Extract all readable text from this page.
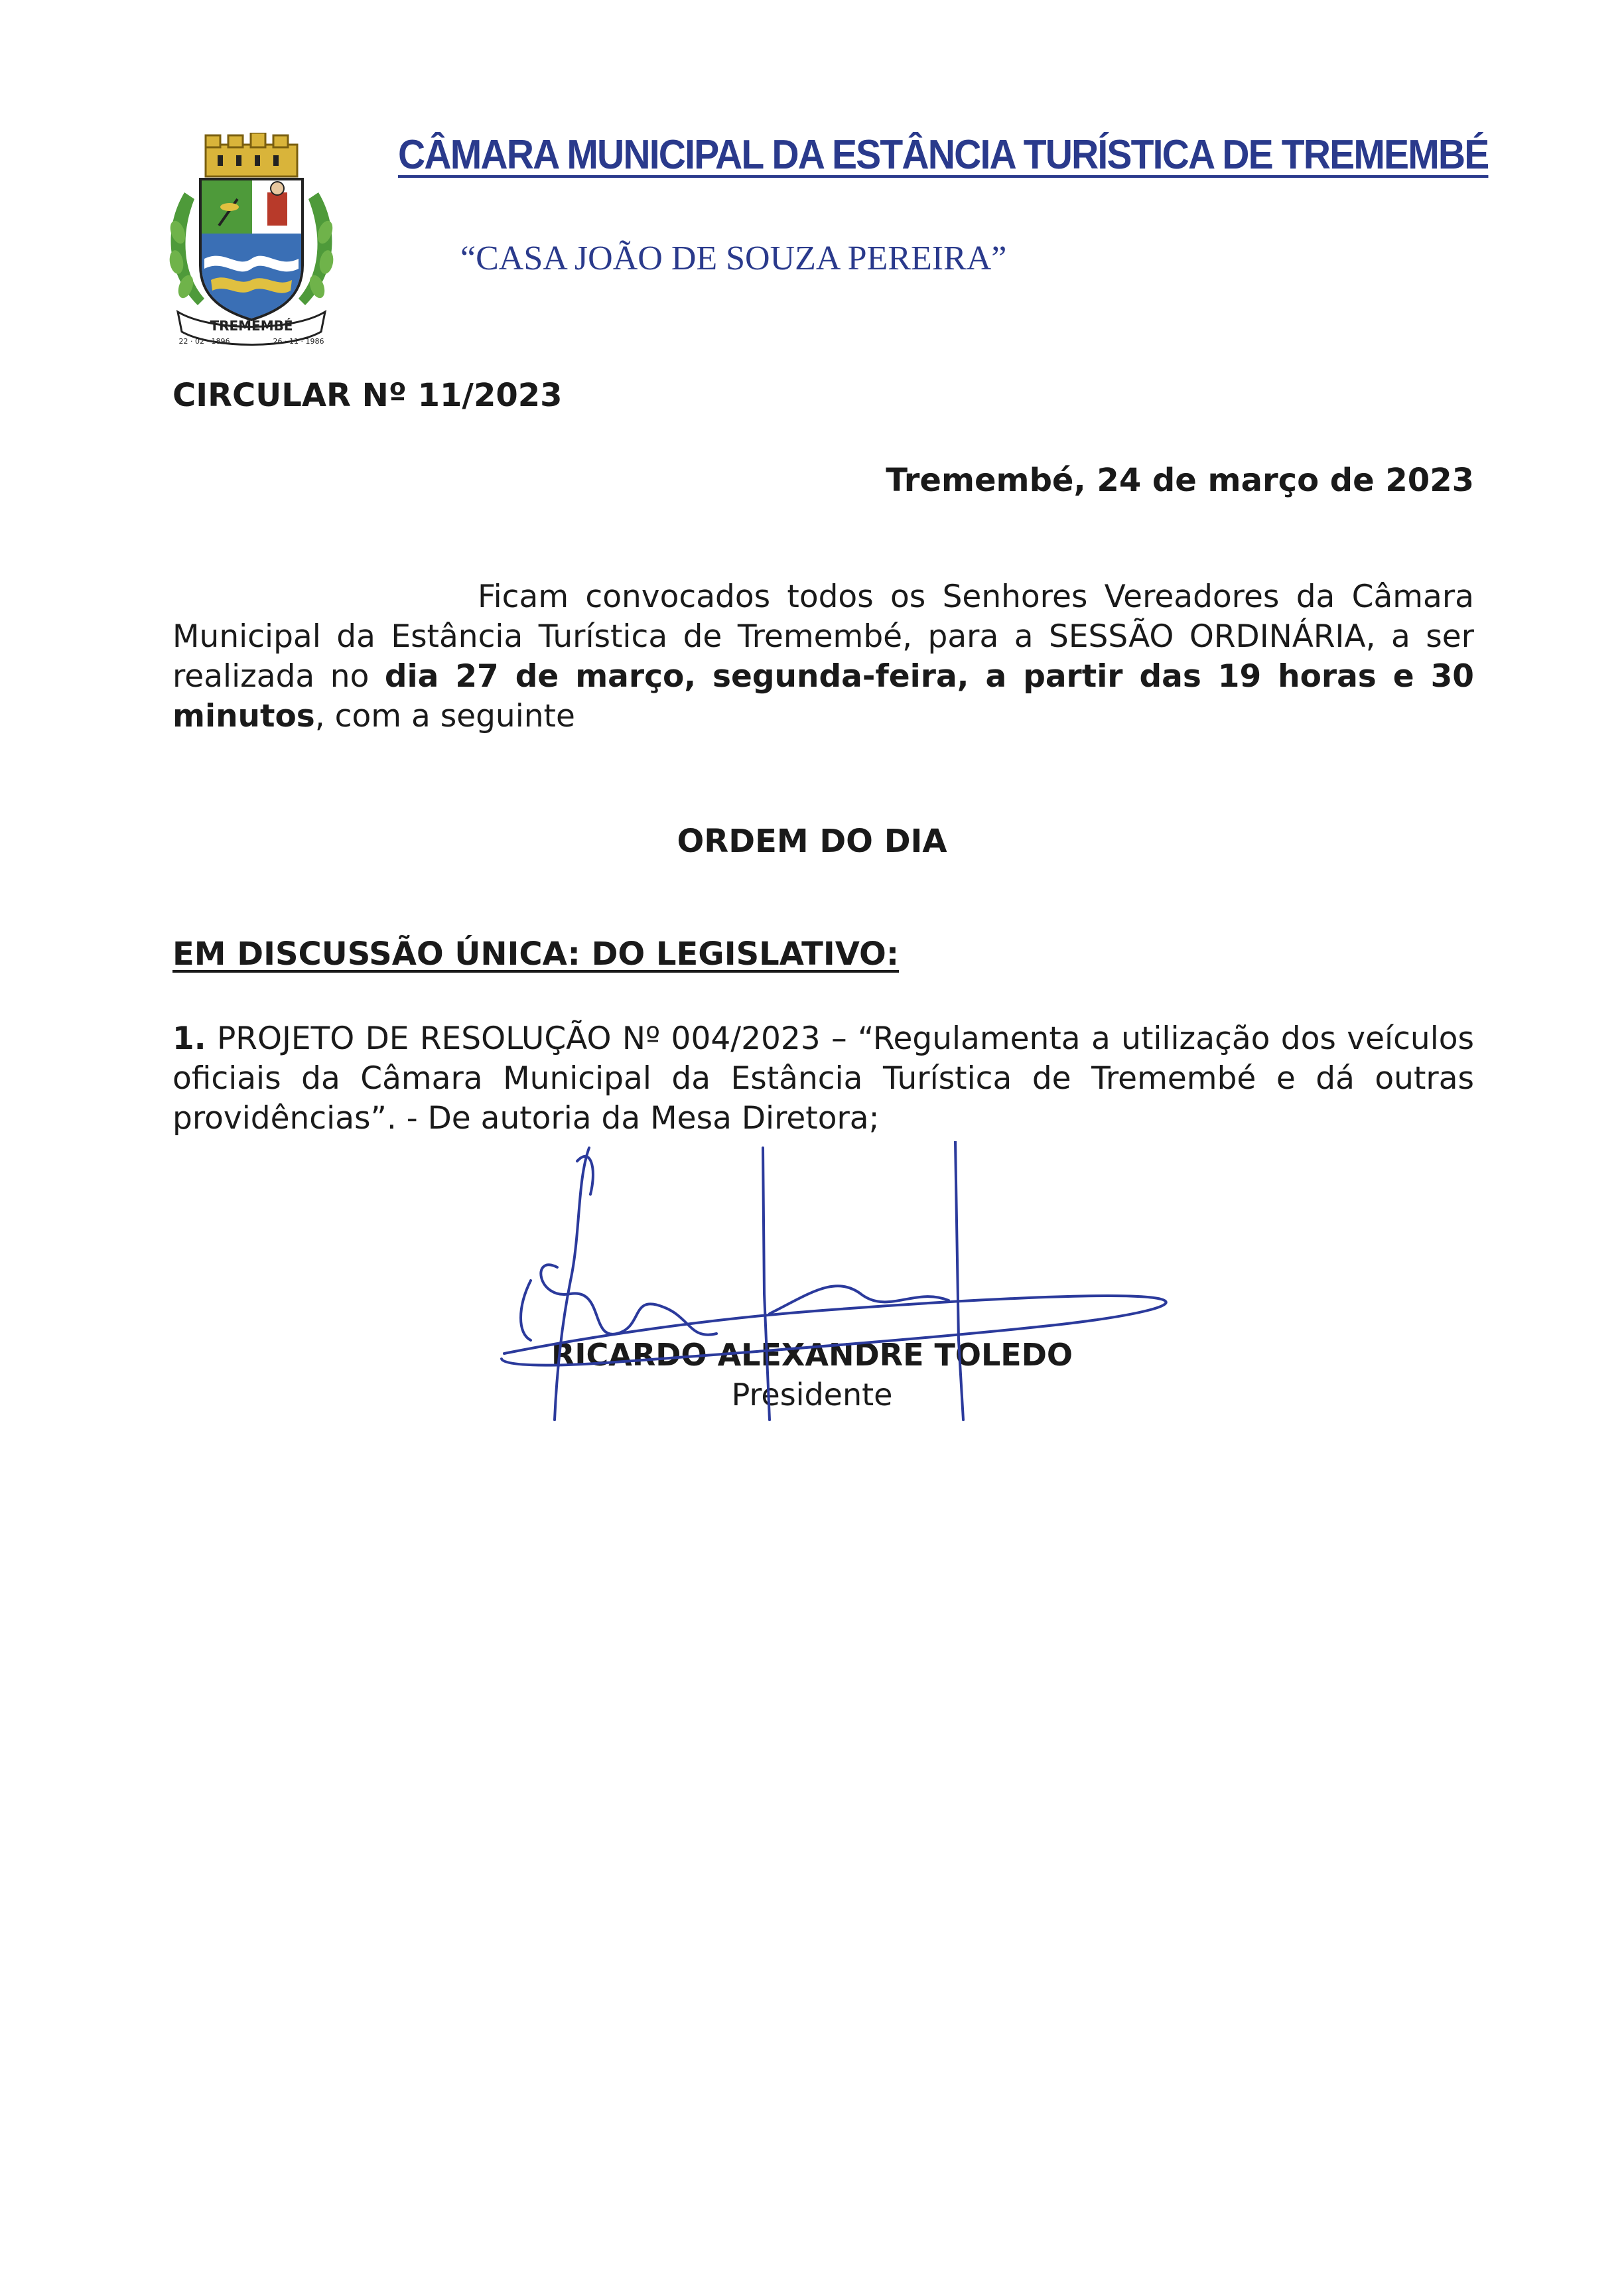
TREMEMBÉ
22 · 02 · 1896	26 · 11 · 1986
CÂMARA MUNICIPAL DA ESTÂNCIA TURÍSTICA DE TREMEMBÉ
“CASA JOÃO DE SOUZA PEREIRA”
CIRCULAR Nº 11/2023
Tremembé, 24 de março de 2023
Ficam convocados todos os Senhores Vereadores da Câmara Municipal da Estância Turística de Tremembé, para a SESSÃO ORDINÁRIA, a ser realizada no dia 27 de março, segunda-feira, a partir das 19 horas e 30 minutos, com a seguinte
ORDEM DO DIA
EM DISCUSSÃO ÚNICA: DO LEGISLATIVO:
1. PROJETO DE RESOLUÇÃO Nº 004/2023 – “Regulamenta a utilização dos veículos oficiais da Câmara Municipal da Estância Turística de Tremembé e dá outras providências”. - De autoria da Mesa Diretora;
RICARDO ALEXANDRE TOLEDO
Presidente
